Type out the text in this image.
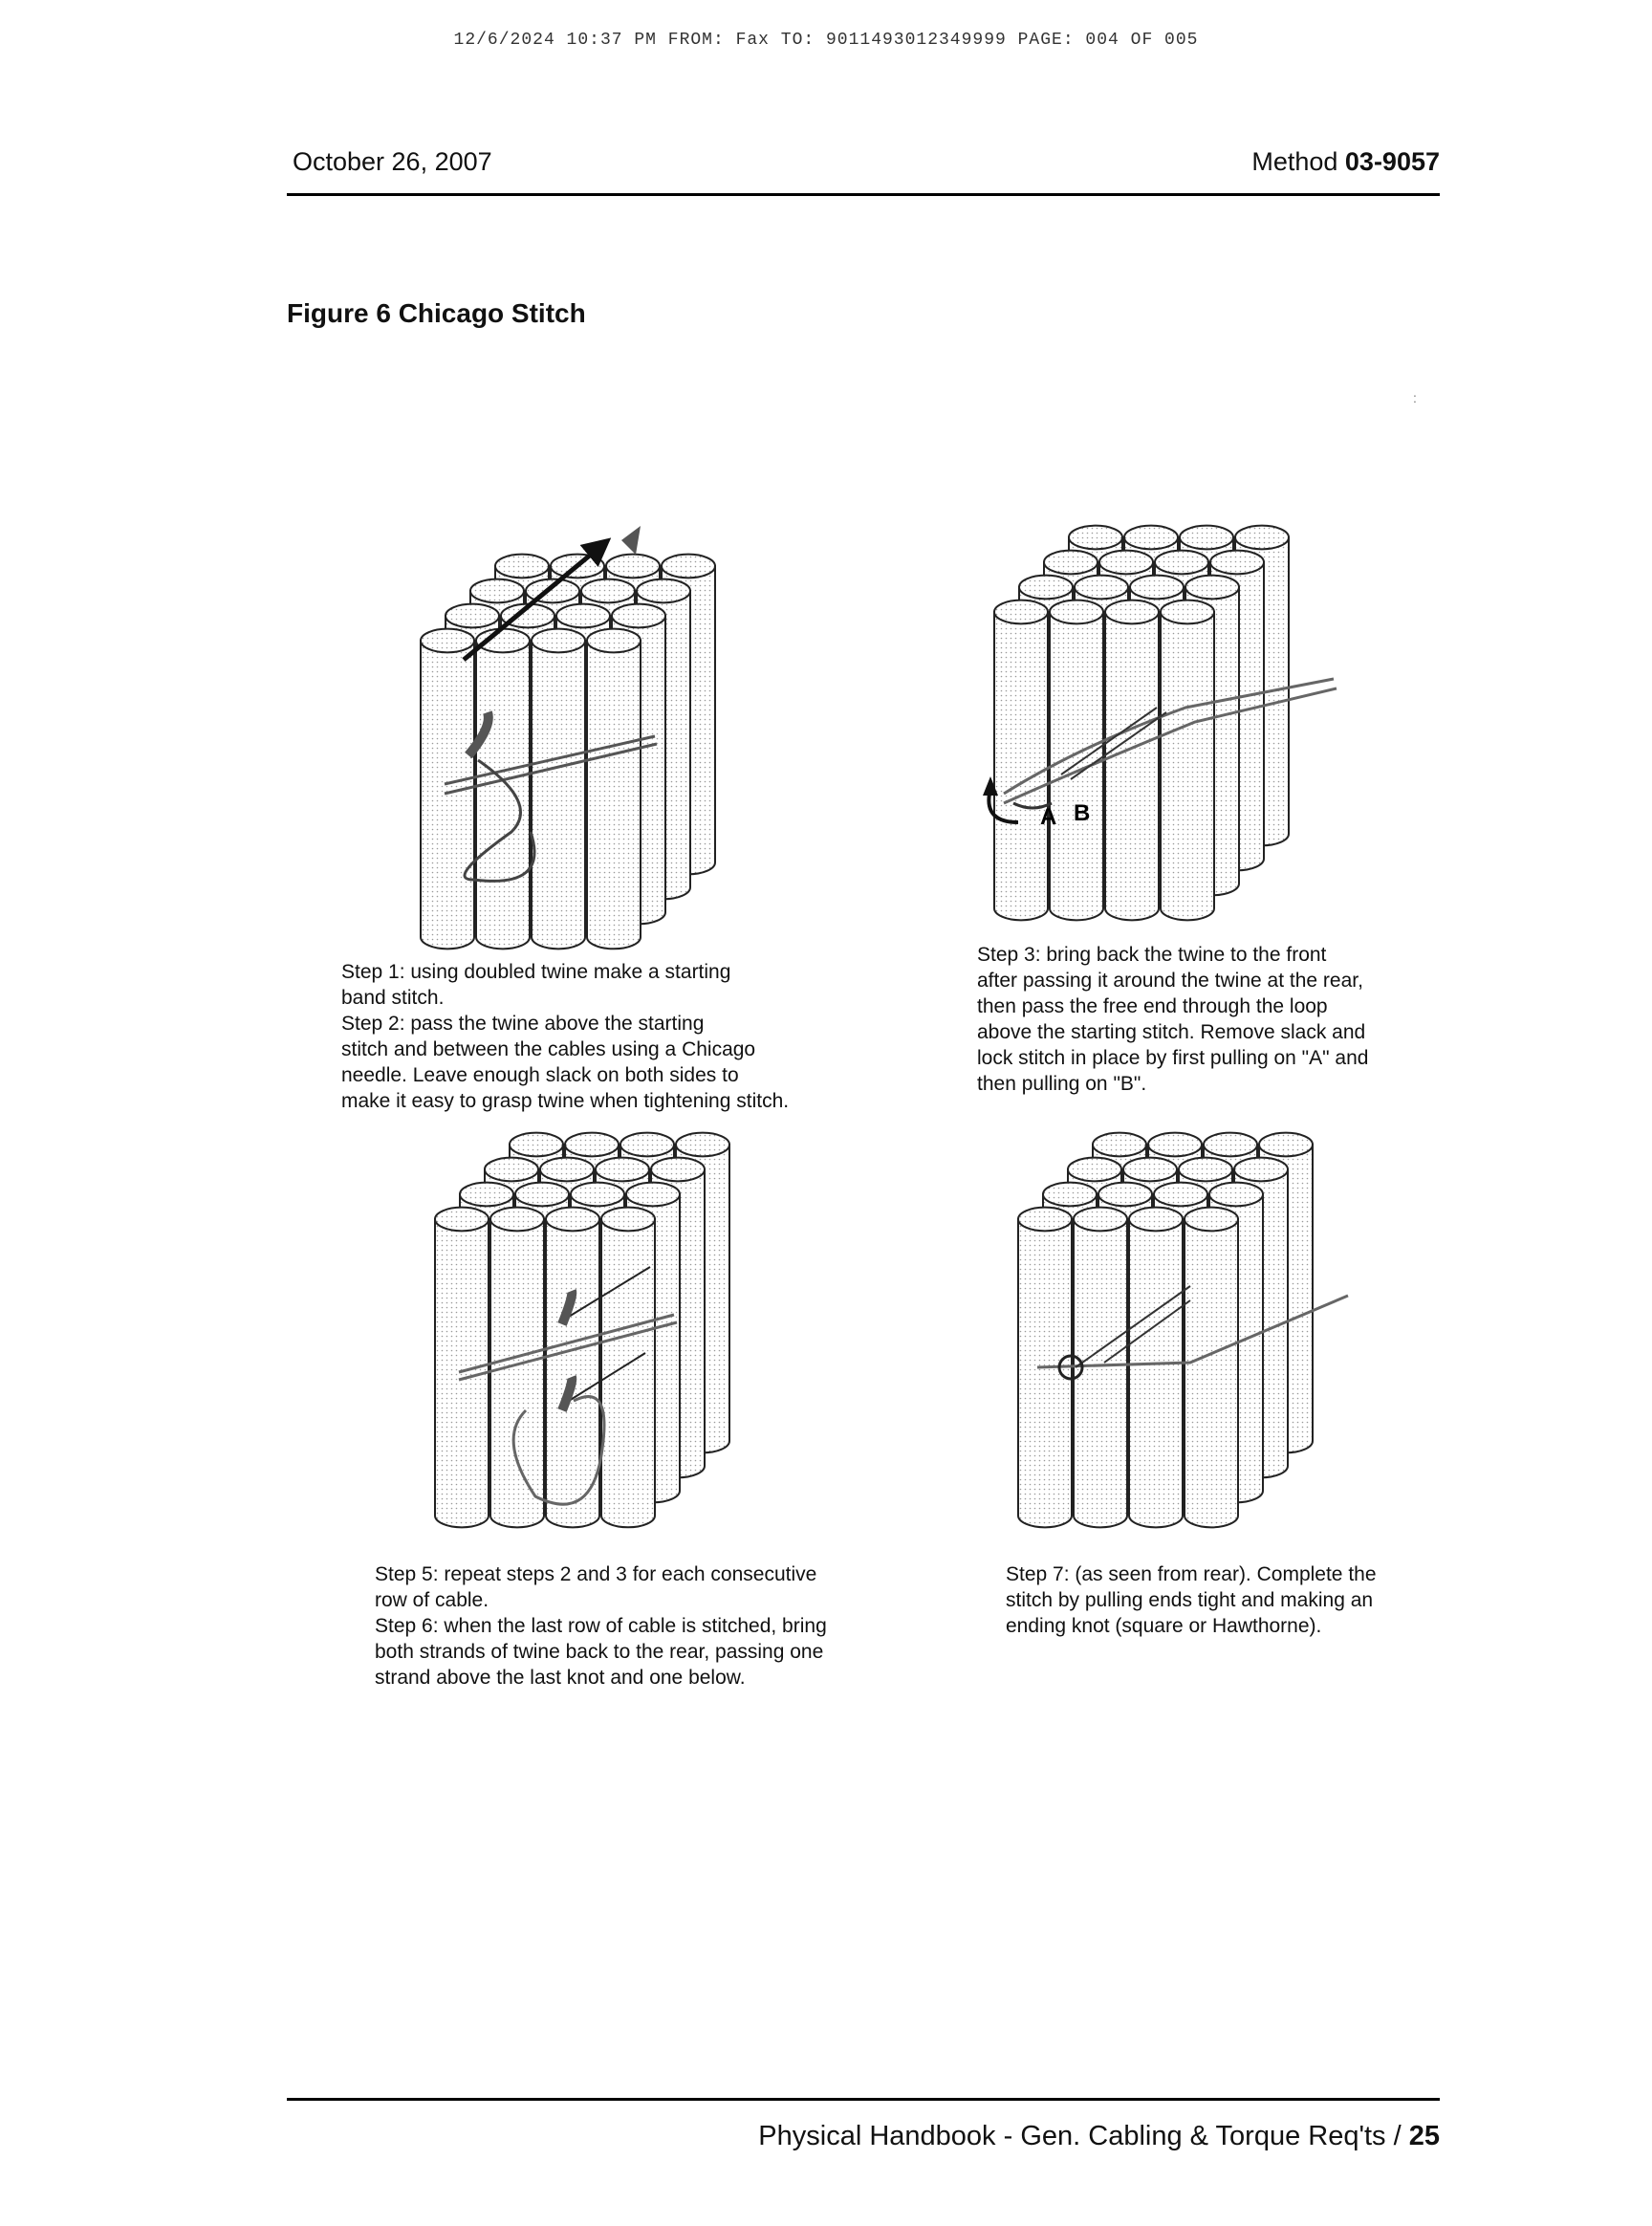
12/6/2024 10:37 PM FROM: Fax TO: 9011493012349999 PAGE: 004 OF 005
October 26, 2007	Method 03-9057
Figure 6 Chicago Stitch
:
A B

Step 1: using doubled twine make a starting

band stitch.

Step 2: pass the twine above the starting

stitch and between the cables using a Chicago

needle. Leave enough slack on both sides to

make it easy to grasp twine when tightening stitch.

Step 3: bring back the twine to the front

after passing it around the twine at the rear,

then pass the free end through the loop

above the starting stitch. Remove slack and

lock stitch in place by first pulling on "A" and

then pulling on "B".

Step 5: repeat steps 2 and 3 for each consecutive

row of cable.

Step 6: when the last row of cable is stitched, bring

both strands of twine back to the rear, passing one

strand above the last knot and one below.

Step 7: (as seen from rear). Complete the

stitch by pulling ends tight and making an

ending knot (square or Hawthorne).

Physical Handbook - Gen. Cabling & Torque Req'ts / 25
